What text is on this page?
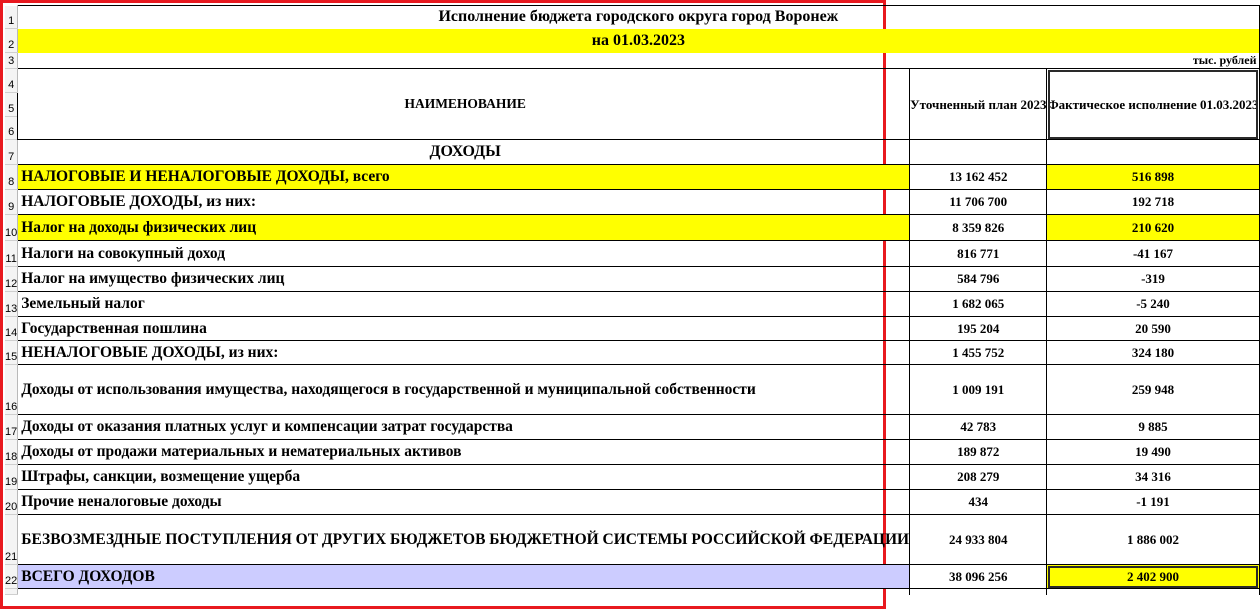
1	Исполнение бюджета городского округа город Воронеж		
2	на 01.03.2023		
3	тыс. рублей		
4	НАИМЕНОВАНИЕ	Уточненный план 2023	Фактическое исполнение 01.03.2023
5			
6			
7	ДОХОДЫ		
8	НАЛОГОВЫЕ И НЕНАЛОГОВЫЕ ДОХОДЫ, всего	13 162 452	516 898
9	НАЛОГОВЫЕ ДОХОДЫ, из них:	11 706 700	192 718
10	Налог на доходы физических лиц	8 359 826	210 620
11	Налоги на совокупный доход	816 771	-41 167
12	Налог на имущество физических лиц	584 796	-319
13	Земельный налог	1 682 065	-5 240
14	Государственная пошлина	195 204	20 590
15	НЕНАЛОГОВЫЕ ДОХОДЫ, из них:	1 455 752	324 180
16	Доходы от использования имущества, находящегося в государственной и муниципальной собственности	1 009 191	259 948
17	Доходы от оказания платных услуг и компенсации затрат государства	42 783	9 885
18	Доходы от продажи материальных и нематериальных активов	189 872	19 490
19	Штрафы, санкции, возмещение ущерба	208 279	34 316
20	Прочие неналоговые доходы	434	-1 191
21	БЕЗВОЗМЕЗДНЫЕ ПОСТУПЛЕНИЯ ОТ ДРУГИХ БЮДЖЕТОВ БЮДЖЕТНОЙ СИСТЕМЫ РОССИЙСКОЙ ФЕДЕРАЦИИ	24 933 804	1 886 002
22	ВСЕГО ДОХОДОВ	38 096 256	2 402 900
